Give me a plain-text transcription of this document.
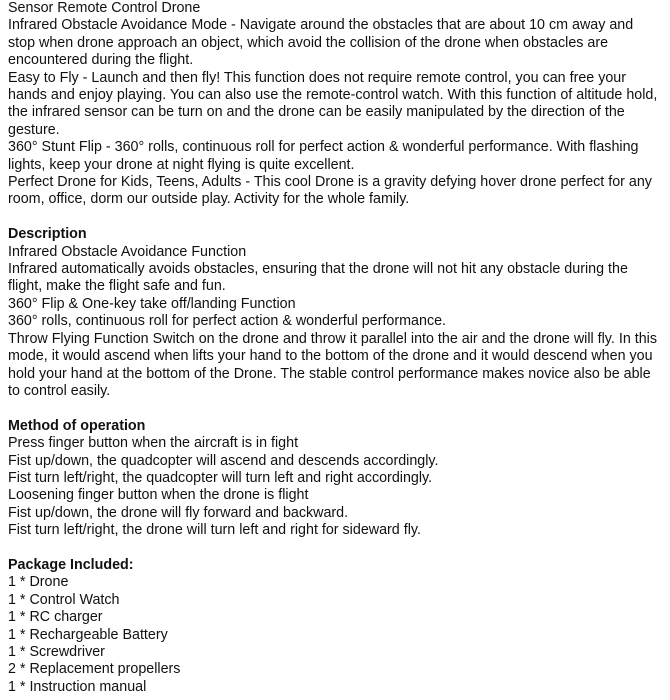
Sensor Remote Control Drone
Infrared Obstacle Avoidance Mode - Navigate around the obstacles that are about 10 cm away and stop when drone approach an object, which avoid the collision of the drone when obstacles are encountered during the flight.
Easy to Fly - Launch and then fly! This function does not require remote control, you can free your hands and enjoy playing. You can also use the remote-control watch. With this function of altitude hold, the infrared sensor can be turn on and the drone can be easily manipulated by the direction of the gesture.
360° Stunt Flip - 360° rolls, continuous roll for perfect action & wonderful performance. With flashing lights, keep your drone at night flying is quite excellent.
Perfect Drone for Kids, Teens, Adults - This cool Drone is a gravity defying hover drone perfect for any room, office, dorm our outside play. Activity for the whole family.
Description
Infrared Obstacle Avoidance Function
Infrared automatically avoids obstacles, ensuring that the drone will not hit any obstacle during the flight, make the flight safe and fun.
360° Flip & One-key take off/landing Function
360° rolls, continuous roll for perfect action & wonderful performance.
Throw Flying Function Switch on the drone and throw it parallel into the air and the drone will fly. In this mode, it would ascend when lifts your hand to the bottom of the drone and it would descend when you hold your hand at the bottom of the Drone. The stable control performance makes novice also be able to control easily.
Method of operation
Press finger button when the aircraft is in fight
Fist up/down, the quadcopter will ascend and descends accordingly.
Fist turn left/right, the quadcopter will turn left and right accordingly.
Loosening finger button when the drone is flight
Fist up/down, the drone will fly forward and backward.
Fist turn left/right, the drone will turn left and right for sideward fly.
Package Included:
1 * Drone
1 * Control Watch
1 * RC charger
1 * Rechargeable Battery
1 * Screwdriver
2 * Replacement propellers
1 * Instruction manual
